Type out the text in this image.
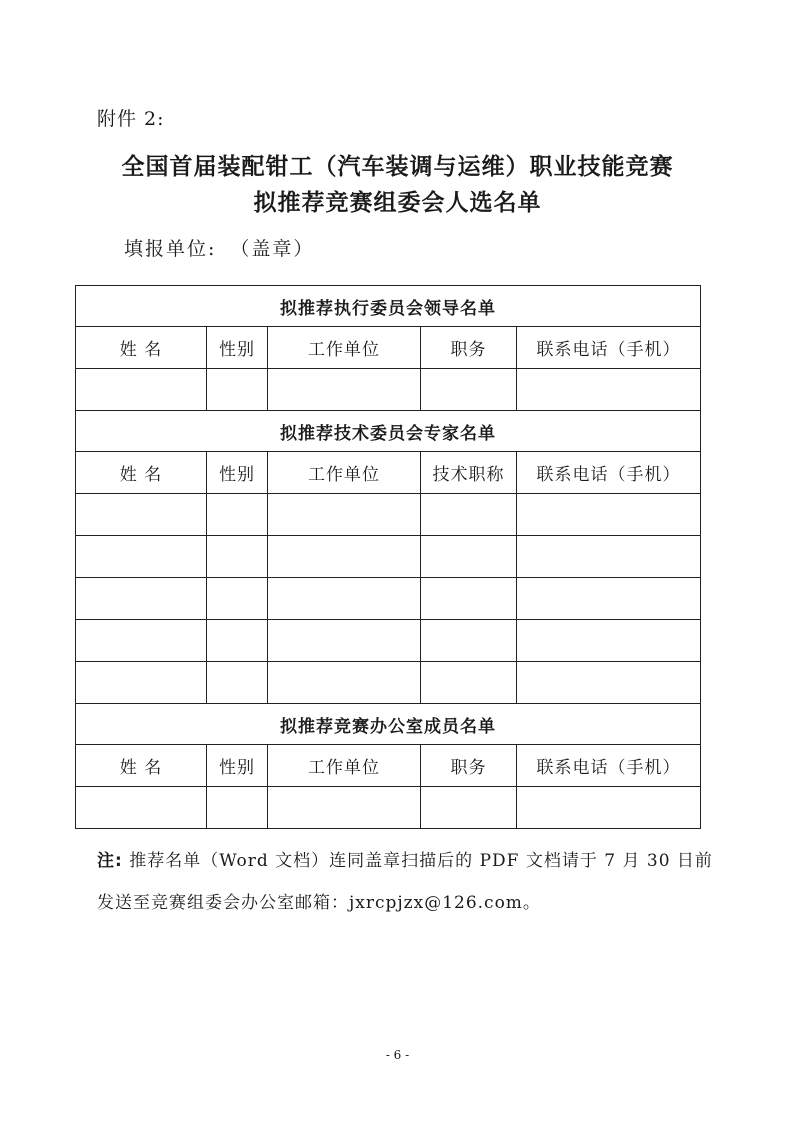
附件 2:
全国首届装配钳工（汽车装调与运维）职业技能竞赛
拟推荐竞赛组委会人选名单
填报单位: （盖章）
拟推荐执行委员会领导名单				
姓 名	性别	工作单位	职务	联系电话（手机）

拟推荐技术委员会专家名单				
姓 名	性别	工作单位	技术职称	联系电话（手机）

拟推荐竞赛办公室成员名单				
姓 名	性别	工作单位	职务	联系电话（手机）

注: 推荐名单（Word 文档）连同盖章扫描后的 PDF 文档请于 7 月 30 日前
发送至竞赛组委会办公室邮箱：jxrcpjzx@126.com。
- 6 -
